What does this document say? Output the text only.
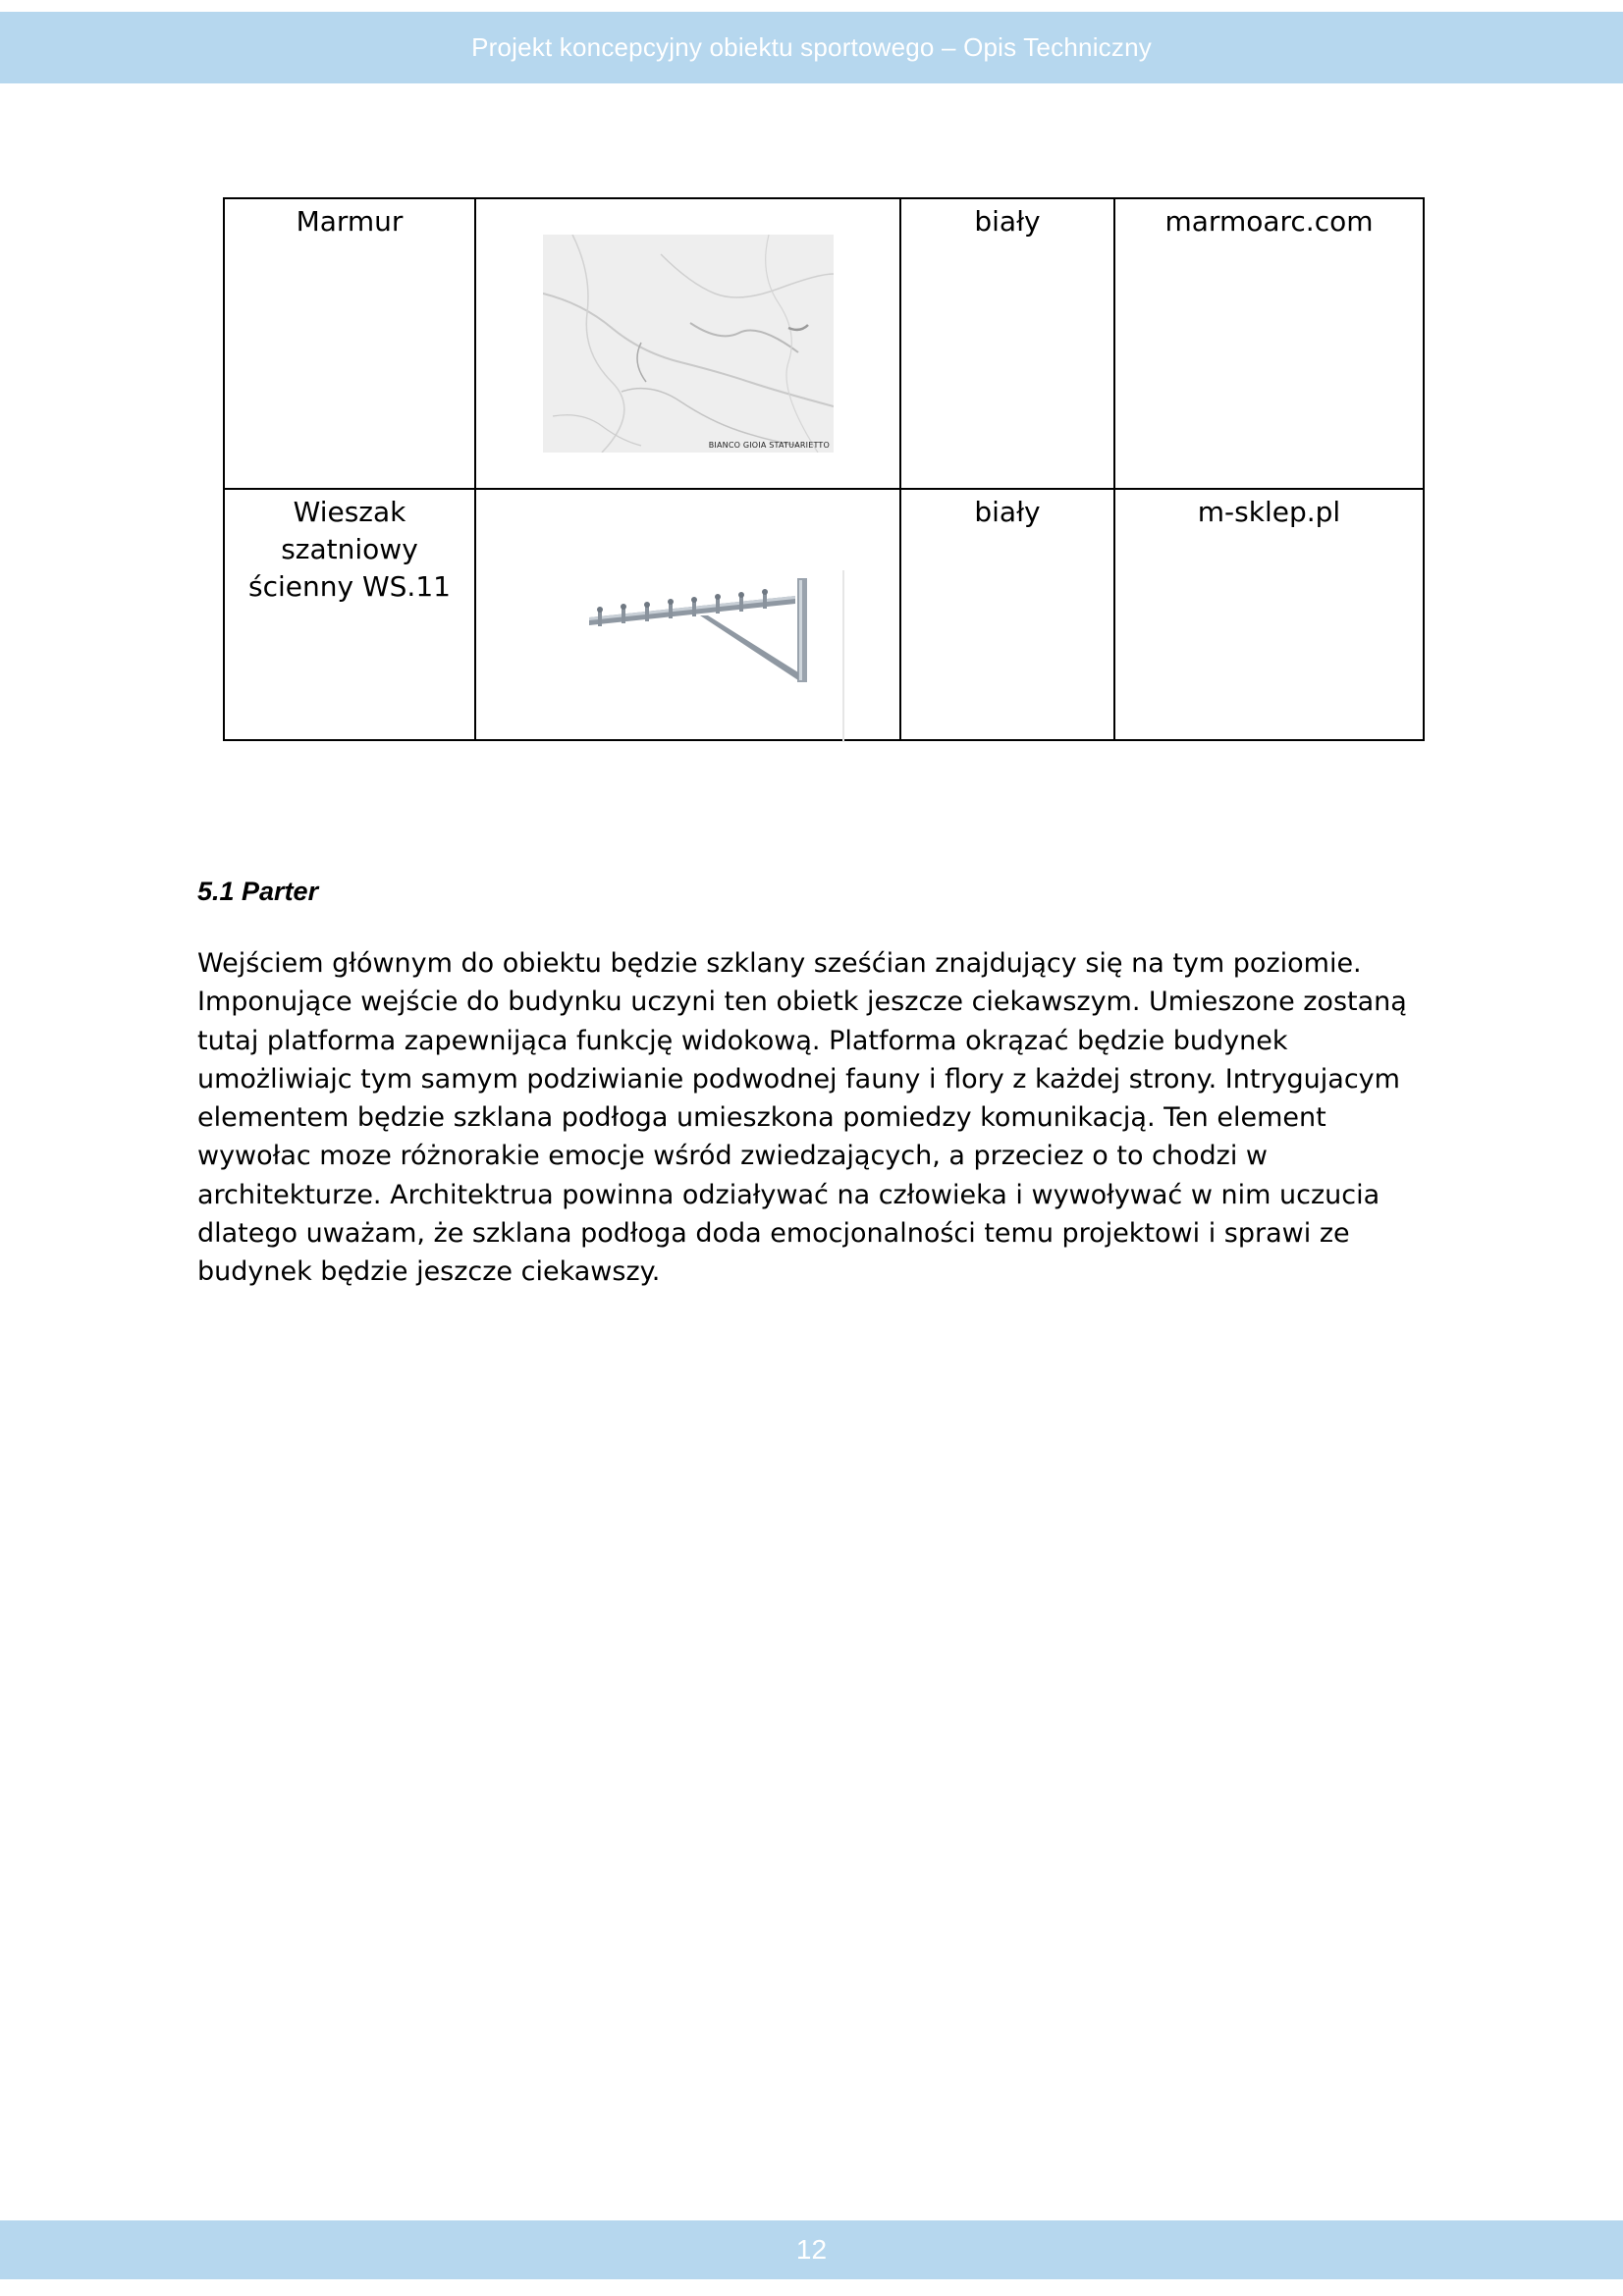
Projekt koncepcyjny obiektu sportowego – Opis Techniczny
Marmur	BIANCO GIOIA STATUARIETTO	biały	marmoarc.com

Wieszak
szatniowy
ścienny WS.11		biały	m-sklep.pl
5.1 Parter

Wejściem głównym do obiektu będzie szklany sześćian znajdujący się na tym poziomie.
Imponujące wejście do budynku uczyni ten obietk jeszcze ciekawszym. Umieszone zostaną
tutaj platforma zapewnijąca funkcję widokową. Platforma okrązać będzie budynek
umożliwiajc tym samym podziwianie podwodnej fauny i flory z każdej strony. Intrygujacym
elementem będzie szklana podłoga umieszkona pomiedzy komunikacją. Ten element
wywołac moze różnorakie emocje wśród zwiedzających, a przeciez o to chodzi w
architekturze. Architektrua powinna odziaływać na człowieka i wywoływać w nim uczucia
dlatego uważam, że szklana podłoga doda emocjonalności temu projektowi i sprawi ze
budynek będzie jeszcze ciekawszy.

12
